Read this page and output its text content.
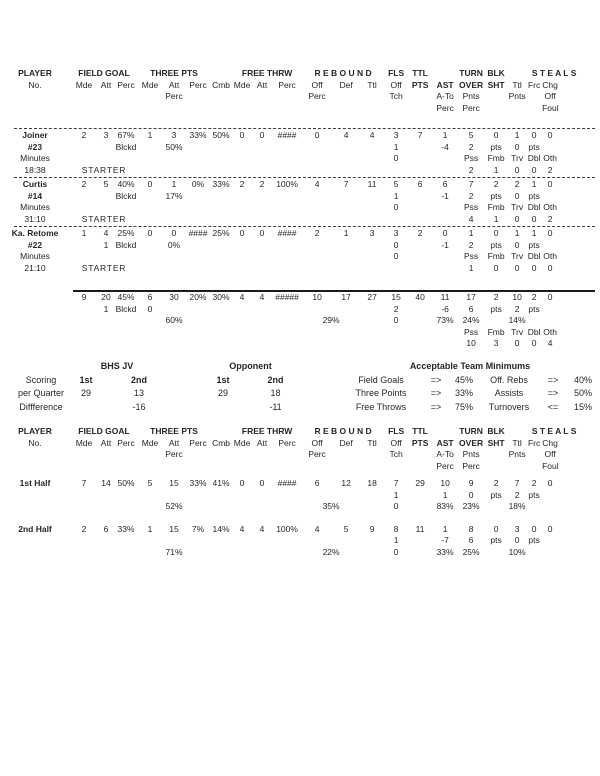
PLAYER	FIELD GOAL			THREE PTS				FREE THRW			R E B O U N D			FLS	TTL		TURN	BLK	S T E A L S			
No.	Mde	Att	Perc	Mde	Att	Perc	Cmb	Mde	Att	Perc	Off	Def	Ttl	Off	PTS	AST	OVER	SHT	Ttl	Frc	Chg	
					Perc						Perc			Tch		A-To	Pnts		Pnts		Off	
																Perc	Perc				Foul	

Joiner	2	3	67%	1	3	33%	50%	0	0	####	0	4	4	3	7	1	5	0	1	0	0	
#23			Blckd		50%									1		-4	2	pts	0	pts		
Minutes														0			Pss	Fmb	Trv	Dbl	Oth	
18:38	STARTER																2	1	0	0	2	

Curtis	2	5	40%	0	1	0%	33%	2	2	100%	4	7	11	5	6	6	7	2	2	1	0	
#14			Blckd		17%									1		-1	2	pts	0	pts		
Minutes														0			Pss	Fmb	Trv	Dbl	Oth	
31:10	STARTER																4	1	0	0	2	

Ka. Retome	1	4	25%	0	0	####	25%	0	0	####	2	1	3	3	2	0	1	0	1	1	0	
#22		1	Blckd		0%									0		-1	2	pts	0	pts		
Minutes														0			Pss	Fmb	Trv	Dbl	Oth	
21:10	STARTER																1	0	0	0	0	

	9	20	45%	6	30	20%	30%	4	4	#####	10	17	27	15	40	11	17	2	10	2	0	
		1	Blckd	0										2		-6	6	pts	2	pts		
					60%						29%			0		73%	24%		14%			
																	Pss	Fmb	Trv	Dbl	Oth	
																	10	3	0	0	4	
	BHS JV			Opponent	
Scoring	1st	2nd		1st	2nd
per Quarter	29	13		29	18
Diffference		-16			-11
Acceptable Team Minimums					
Field Goals	=>	45%	Off. Rebs	=>	40%
Three Points	=>	33%	Assists	=>	50%
Free Throws	=>	75%	Turnovers	<=	15%
PLAYER	FIELD GOAL			THREE PTS				FREE THRW			R E B O U N D			FLS	TTL		TURN	BLK	S T E A L S			
No.	Mde	Att	Perc	Mde	Att	Perc	Cmb	Mde	Att	Perc	Off	Def	Ttl	Off	PTS	AST	OVER	SHT	Ttl	Frc	Chg	
					Perc						Perc			Tch		A-To	Pnts		Pnts		Off	
																Perc	Perc				Foul	

1st Half	7	14	50%	5	15	33%	41%	0	0	####	6	12	18	7	29	10	9	2	7	2	0	
														1		1	0	pts	2	pts		
					52%						35%			0		83%	23%		18%			

2nd Half	2	6	33%	1	15	7%	14%	4	4	100%	4	5	9	8	11	1	8	0	3	0	0	
														1		-7	6	pts	0	pts		
					71%						22%			0		33%	25%		10%			
